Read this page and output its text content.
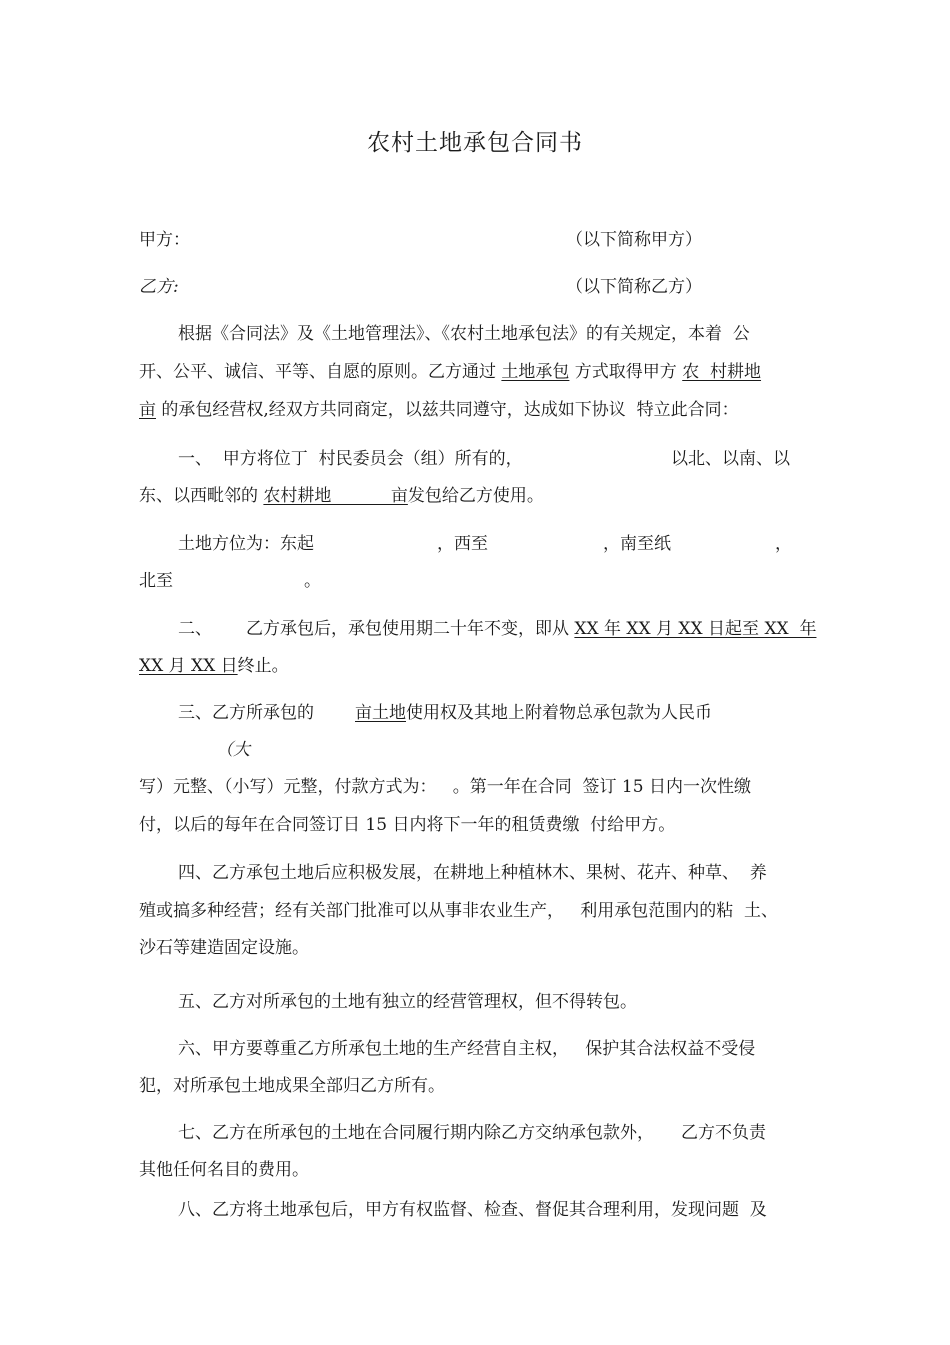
农村土地承包合同书
甲方：	（以下简称甲方）
乙方:	（以下简称乙方）
根据《合同法》及《土地管理法》、《农村土地承包法》的有关规定，本着  公
开、公平、诚信、平等、自愿的原则。乙方通过 土地承包 方式取得甲方 农  村耕地
亩 的承包经营权,经双方共同商定，以兹共同遵守，达成如下协议  特立此合同：
一、  甲方将位丁  村民委员会（组）所有的，	以北、以南、以
东、以西毗邻的 农村耕地           亩发包给乙方使用。
土地方位为：东起	，西至	，南至纸	，
北至	。
二、 乙方承包后，承包使用期二十年不变，即从 XX 年 XX 月 XX 日起至 XX  年
XX 月 XX 日终止。
三、乙方所承包的 亩土地使用权及其地上附着物总承包款为人民币
（大
写）元整、（小写）元整，付款方式为：   。第一年在合同  签订 15 日内一次性缴
付，以后的每年在合同签订日 15 日内将下一年的租赁费缴  付给甲方。
四、乙方承包土地后应积极发展，在耕地上种植林木、果树、花卉、种草、  养
殖或搞多种经营；经有关部门批准可以从事非农业生产，   利用承包范围内的粘  土、
沙石等建造固定设施。
五、乙方对所承包的土地有独立的经营管理权，但不得转包。
六、甲方要尊重乙方所承包土地的生产经营自主权，   保护其合法权益不受侵
犯，对所承包土地成果全部归乙方所有。
七、乙方在所承包的土地在合同履行期内除乙方交纳承包款外，     乙方不负责
其他任何名目的费用。
八、乙方将土地承包后，甲方有权监督、检查、督促其合理利用，发现问题  及
